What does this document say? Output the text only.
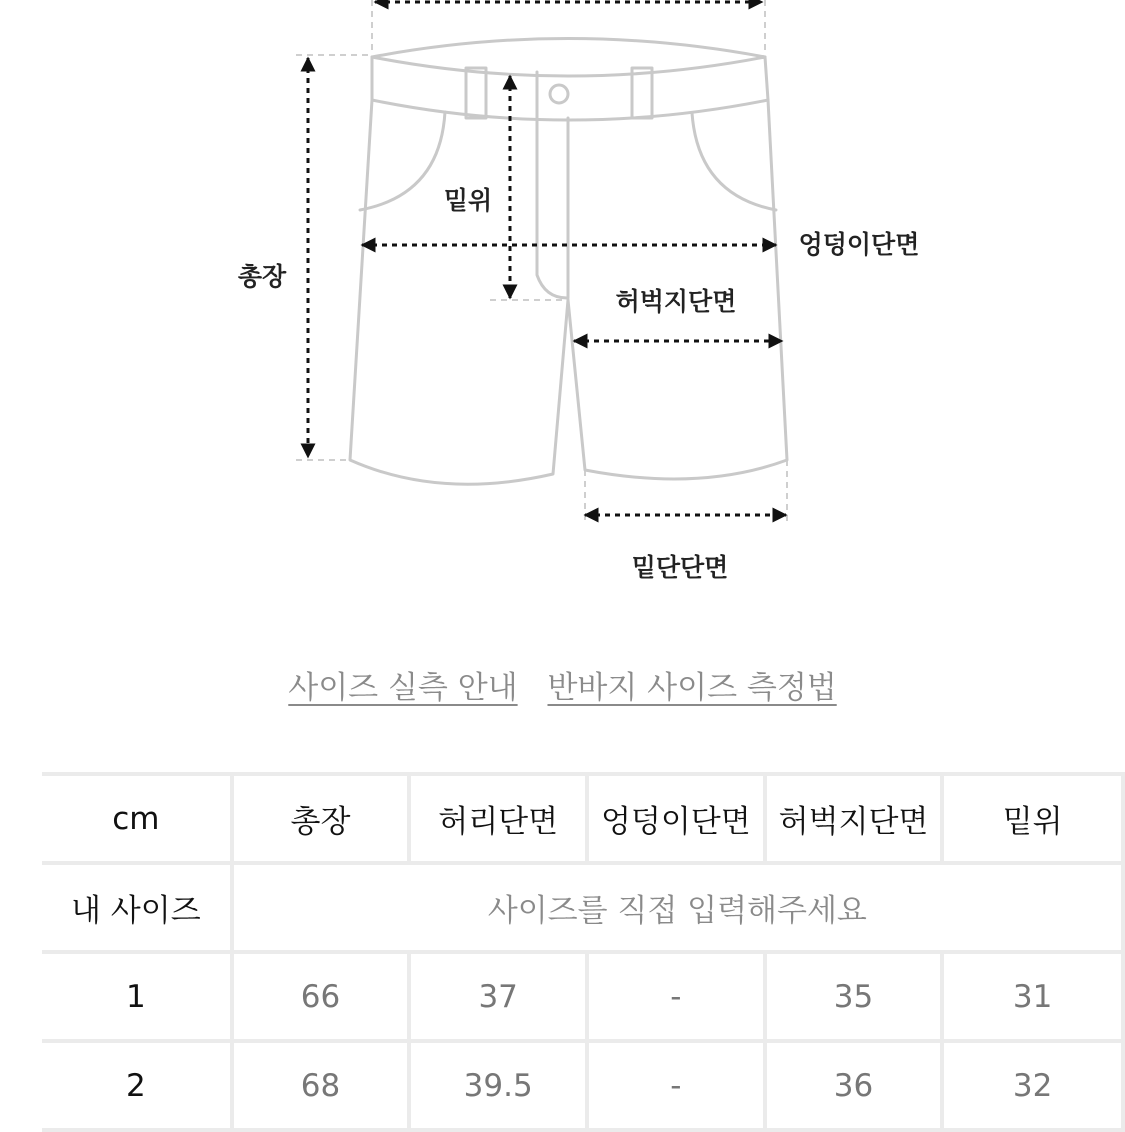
밑위
총장
엉덩이단면
허벅지단면
밑단단면
사이즈 실측 안내 반바지 사이즈 측정법
cm	총장	허리단면	엉덩이단면	허벅지단면	밑위
내 사이즈	사이즈를 직접 입력해주세요				
1	66	37	-	35	31
2	68	39.5	-	36	32
